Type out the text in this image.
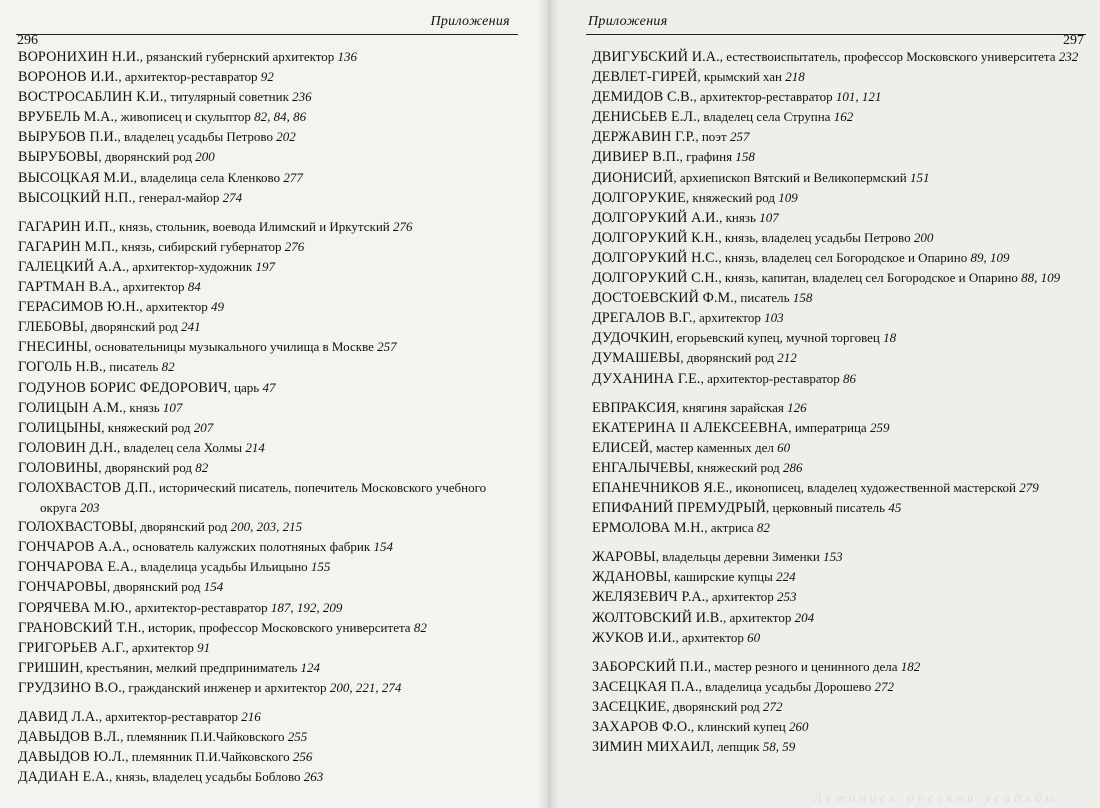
Приложения
296
ВОРОНИХИН Н.И., рязанский губернский архитектор 136
ВОРОНОВ И.И., архитектор-реставратор 92
ВОСТРОСАБЛИН К.И., титулярный советник 236
ВРУБЕЛЬ М.А., живописец и скульптор 82, 84, 86
ВЫРУБОВ П.И., владелец усадьбы Петрово 202
ВЫРУБОВЫ, дворянский род 200
ВЫСОЦКАЯ М.И., владелица села Кленково 277
ВЫСОЦКИЙ Н.П., генерал-майор 274
ГАГАРИН И.П., князь, стольник, воевода Илимский и Иркутский 276
ГАГАРИН М.П., князь, сибирский губернатор 276
ГАЛЕЦКИЙ А.А., архитектор-художник 197
ГАРТМАН В.А., архитектор 84
ГЕРАСИМОВ Ю.Н., архитектор 49
ГЛЕБОВЫ, дворянский род 241
ГНЕСИНЫ, основательницы музыкального училища в Москве 257
ГОГОЛЬ Н.В., писатель 82
ГОДУНОВ БОРИС ФЕДОРОВИЧ, царь 47
ГОЛИЦЫН А.М., князь 107
ГОЛИЦЫНЫ, княжеский род 207
ГОЛОВИН Д.Н., владелец села Холмы 214
ГОЛОВИНЫ, дворянский род 82
ГОЛОХВАСТОВ Д.П., исторический писатель, попечитель Московского учебного
округа 203
ГОЛОХВАСТОВЫ, дворянский род 200, 203, 215
ГОНЧАРОВ А.А., основатель калужских полотняных фабрик 154
ГОНЧАРОВА Е.А., владелица усадьбы Ильицыно 155
ГОНЧАРОВЫ, дворянский род 154
ГОРЯЧЕВА М.Ю., архитектор-реставратор 187, 192, 209
ГРАНОВСКИЙ Т.Н., историк, профессор Московского университета 82
ГРИГОРЬЕВ А.Г., архитектор 91
ГРИШИН, крестьянин, мелкий предприниматель 124
ГРУДЗИНО В.О., гражданский инженер и архитектор 200, 221, 274
ДАВИД Л.А., архитектор-реставратор 216
ДАВЫДОВ В.Л., племянник П.И.Чайковского 255
ДАВЫДОВ Ю.Л., племянник П.И.Чайковского 256
ДАДИАН Е.А., князь, владелец усадьбы Боблово 263
Приложения
297
ДВИГУБСКИЙ И.А., естествоиспытатель, профессор Московского университета 232
ДЕВЛЕТ-ГИРЕЙ, крымский хан 218
ДЕМИДОВ С.В., архитектор-реставратор 101, 121
ДЕНИСЬЕВ Е.Л., владелец села Струпна 162
ДЕРЖАВИН Г.Р., поэт 257
ДИВИЕР В.П., графиня 158
ДИОНИСИЙ, архиепископ Вятский и Великопермский 151
ДОЛГОРУКИЕ, княжеский род 109
ДОЛГОРУКИЙ А.И., князь 107
ДОЛГОРУКИЙ К.Н., князь, владелец усадьбы Петрово 200
ДОЛГОРУКИЙ Н.С., князь, владелец сел Богородское и Опарино 89, 109
ДОЛГОРУКИЙ С.Н., князь, капитан, владелец сел Богородское и Опарино 88, 109
ДОСТОЕВСКИЙ Ф.М., писатель 158
ДРЕГАЛОВ В.Г., архитектор 103
ДУДОЧКИН, егорьевский купец, мучной торговец 18
ДУМАШЕВЫ, дворянский род 212
ДУХАНИНА Г.Е., архитектор-реставратор 86
ЕВПРАКСИЯ, княгиня зарайская 126
ЕКАТЕРИНА II АЛЕКСЕЕВНА, императрица 259
ЕЛИСЕЙ, мастер каменных дел 60
ЕНГАЛЫЧЕВЫ, княжеский род 286
ЕПАНЕЧНИКОВ Я.Е., иконописец, владелец художественной мастерской 279
ЕПИФАНИЙ ПРЕМУДРЫЙ, церковный писатель 45
ЕРМОЛОВА М.Н., актриса 82
ЖАРОВЫ, владельцы деревни Зименки 153
ЖДАНОВЫ, каширские купцы 224
ЖЕЛЯЗЕВИЧ Р.А., архитектор 253
ЖОЛТОВСКИЙ И.В., архитектор 204
ЖУКОВ И.И., архитектор 60
ЗАБОРСКИЙ П.И., мастер резного и ценинного дела 182
ЗАСЕЦКАЯ П.А., владелица усадьбы Дорошево 272
ЗАСЕЦКИЕ, дворянский род 272
ЗАХАРОВ Ф.О., клинский купец 260
ЗИМИН МИХАИЛ, лепщик 58, 59
Летопись русской усадьбы
